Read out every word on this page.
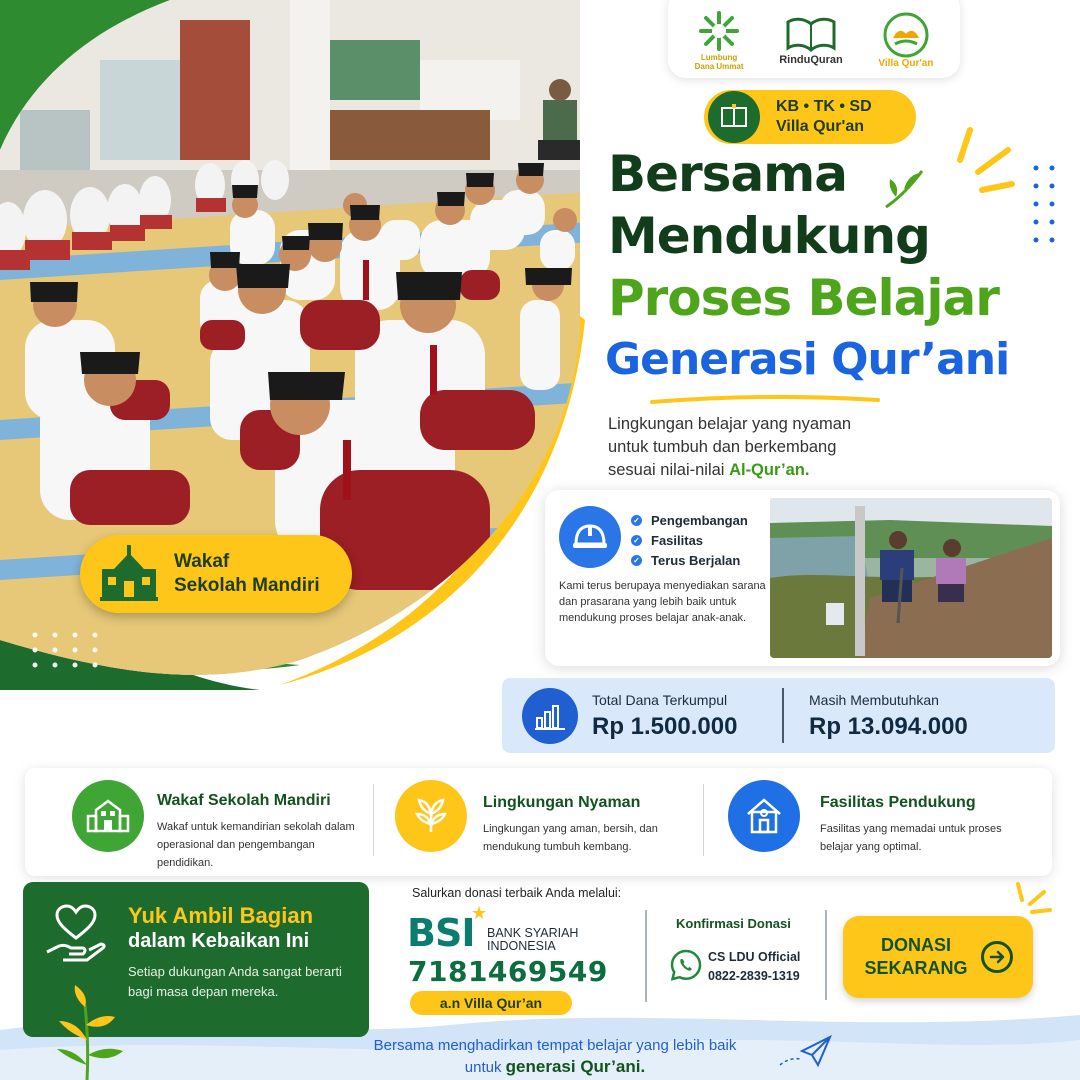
Wakaf
Sekolah Mandiri
Lumbung
Dana Ummat
RinduQuran	Villa Qur'an
KB • TK • SD
Villa Qur'an
Bersama
Mendukung
Proses Belajar
Generasi Qur’ani
Lingkungan belajar yang nyaman
untuk tumbuh dan berkembang
sesuai nilai-nilai Al-Qur’an.
✓ Pengembangan
✓ Fasilitas
✓ Terus Berjalan
Kami terus berupaya menyediakan sarana dan prasarana yang lebih baik untuk mendukung proses belajar anak-anak.
Total Dana Terkumpul
Rp 1.500.000
Masih Membutuhkan
Rp 13.094.000
Wakaf Sekolah Mandiri
Wakaf untuk kemandirian sekolah dalam operasional dan pengembangan pendidikan.
Lingkungan Nyaman
Lingkungan yang aman, bersih, dan mendukung tumbuh kembang.
Fasilitas Pendukung
Fasilitas yang memadai untuk proses belajar yang optimal.
Yuk Ambil Bagian
dalam Kebaikan Ini
Setiap dukungan Anda sangat berarti bagi masa depan mereka.
Salurkan donasi terbaik Anda melalui:
BSI
★
BANK SYARIAH
INDONESIA
7181469549
a.n Villa Qur’an
Konfirmasi Donasi
CS LDU Official
0822-2839-1319
DONASI
SEKARANG
Bersama menghadirkan tempat belajar yang lebih baik
untuk generasi Qur’ani.
